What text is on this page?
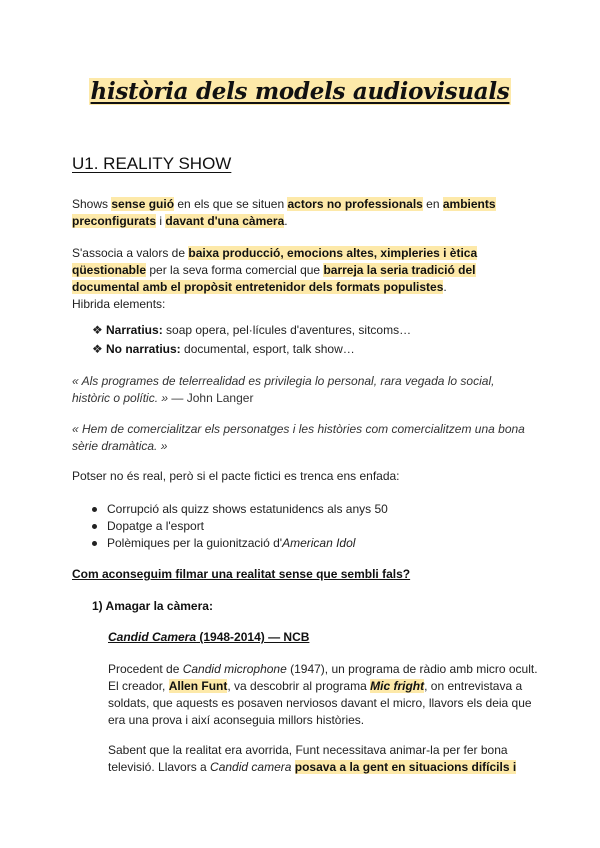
història dels models audiovisuals
U1. REALITY SHOW
Shows sense guió en els que se situen actors no professionals en ambients preconfigurats i davant d'una càmera.
S'associa a valors de baixa producció, emocions altes, ximpleries i ètica qüestionable per la seva forma comercial que barreja la seria tradició del documental amb el propòsit entretenidor dels formats populistes.
Hibrida elements:
❖ Narratius: soap opera, pel·lícules d'aventures, sitcoms…
❖ No narratius: documental, esport, talk show…
« Als programes de telerrealidad es privilegia lo personal, rara vegada lo social, històric o polític. » — John Langer
« Hem de comercialitzar els personatges i les històries com comercialitzem una bona sèrie dramàtica. »
Potser no és real, però si el pacte fictici es trenca ens enfada:
Corrupció als quizz shows estatunidencs als anys 50
Dopatge a l'esport
Polèmiques per la guionització d'American Idol
Com aconseguim filmar una realitat sense que sembli fals?
1) Amagar la càmera:
Candid Camera (1948-2014) — NCB
Procedent de Candid microphone (1947), un programa de ràdio amb micro ocult. El creador, Allen Funt, va descobrir al programa Mic fright, on entrevistava a soldats, que aquests es posaven nerviosos davant el micro, llavors els deia que era una prova i així aconseguia millors històries.
Sabent que la realitat era avorrida, Funt necessitava animar-la per fer bona televisió. Llavors a Candid camera posava a la gent en situacions difícils i
